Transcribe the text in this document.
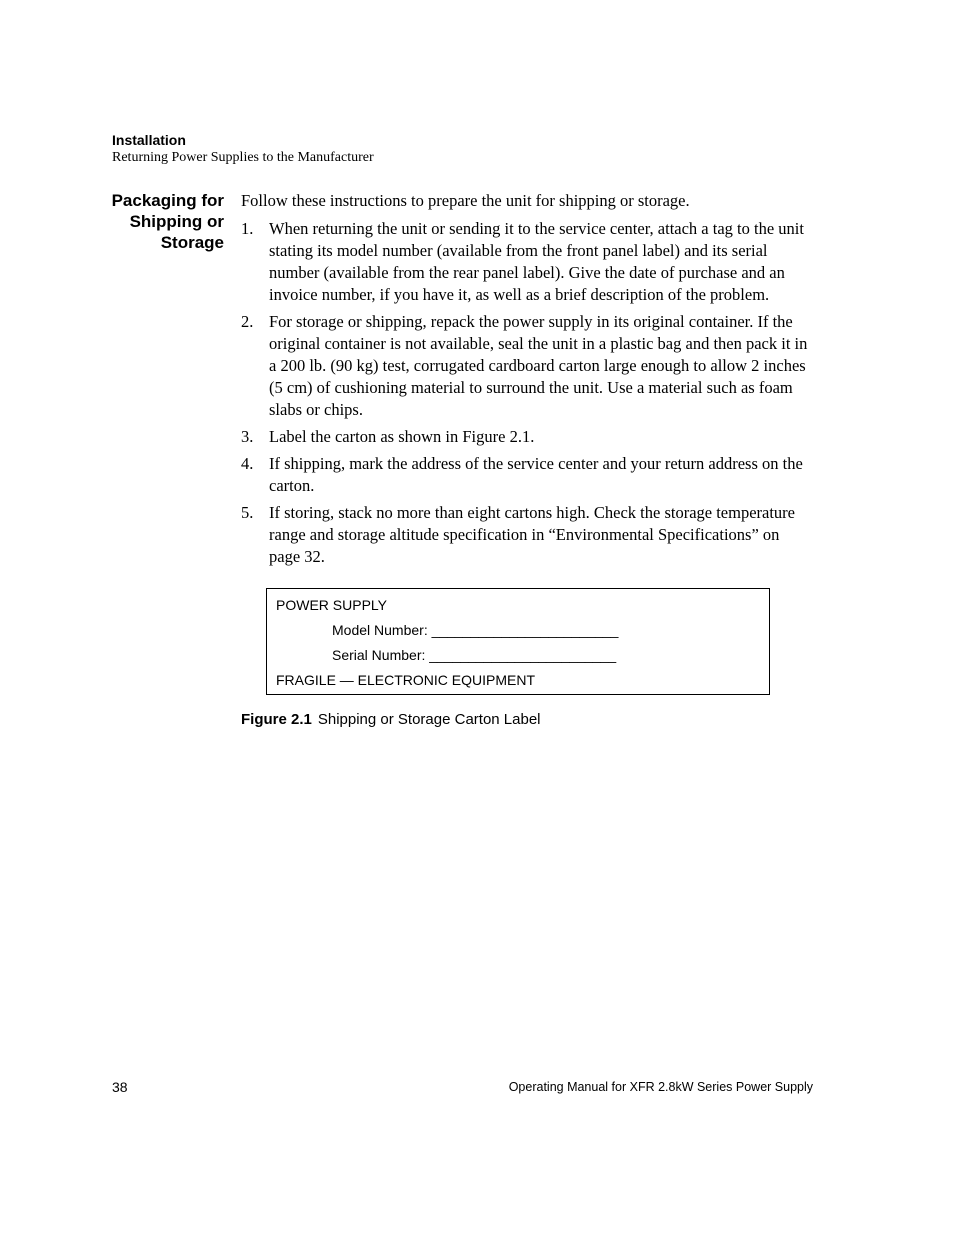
Installation
Returning Power Supplies to the Manufacturer
Packaging for
Shipping or
Storage

Follow these instructions to prepare the unit for shipping or storage.

1. When returning the unit or sending it to the service center, attach a tag to the unit stating its model number (available from the front panel label) and its serial number (available from the rear panel label). Give the date of purchase and an invoice number, if you have it, as well as a brief description of the problem.
2. For storage or shipping, repack the power supply in its original container. If the original container is not available, seal the unit in a plastic bag and then pack it in a 200 lb. (90 kg) test, corrugated cardboard carton large enough to allow 2 inches (5 cm) of cushioning material to surround the unit. Use a material such as foam slabs or chips.
3. Label the carton as shown in Figure 2.1.
4. If shipping, mark the address of the service center and your return address on the carton.
5. If storing, stack no more than eight cartons high. Check the storage temperature range and storage altitude specification in “Environmental Specifications” on page 32.
POWER SUPPLY
Model Number: ________________________
Serial Number: ________________________
FRAGILE — ELECTRONIC EQUIPMENT
Figure 2.1 Shipping or Storage Carton Label
38	Operating Manual for XFR 2.8kW Series Power Supply
